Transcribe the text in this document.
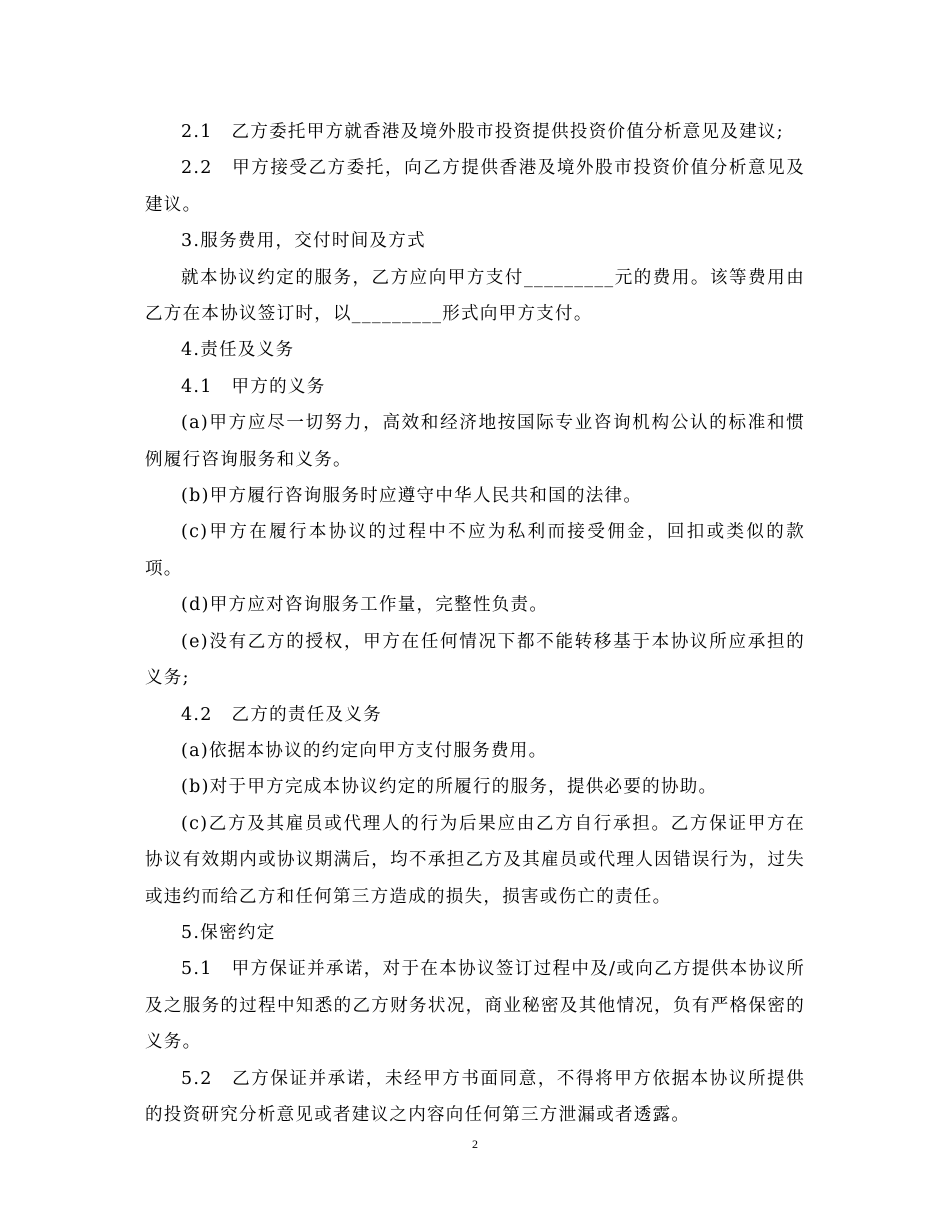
2.1　乙方委托甲方就香港及境外股市投资提供投资价值分析意见及建议;

2.2　甲方接受乙方委托，向乙方提供香港及境外股市投资价值分析意见及建议。

3.服务费用，交付时间及方式

就本协议约定的服务，乙方应向甲方支付_________元的费用。该等费用由乙方在本协议签订时，以_________形式向甲方支付。

4.责任及义务

4.1　甲方的义务

(a)甲方应尽一切努力，高效和经济地按国际专业咨询机构公认的标准和惯例履行咨询服务和义务。

(b)甲方履行咨询服务时应遵守中华人民共和国的法律。

(c)甲方在履行本协议的过程中不应为私利而接受佣金，回扣或类似的款项。

(d)甲方应对咨询服务工作量，完整性负责。

(e)没有乙方的授权，甲方在任何情况下都不能转移基于本协议所应承担的义务;

4.2　乙方的责任及义务

(a)依据本协议的约定向甲方支付服务费用。

(b)对于甲方完成本协议约定的所履行的服务，提供必要的协助。

(c)乙方及其雇员或代理人的行为后果应由乙方自行承担。乙方保证甲方在协议有效期内或协议期满后，均不承担乙方及其雇员或代理人因错误行为，过失或违约而给乙方和任何第三方造成的损失，损害或伤亡的责任。

5.保密约定

5.1　甲方保证并承诺，对于在本协议签订过程中及/或向乙方提供本协议所及之服务的过程中知悉的乙方财务状况，商业秘密及其他情况，负有严格保密的义务。

5.2　乙方保证并承诺，未经甲方书面同意，不得将甲方依据本协议所提供的投资研究分析意见或者建议之内容向任何第三方泄漏或者透露。

2
